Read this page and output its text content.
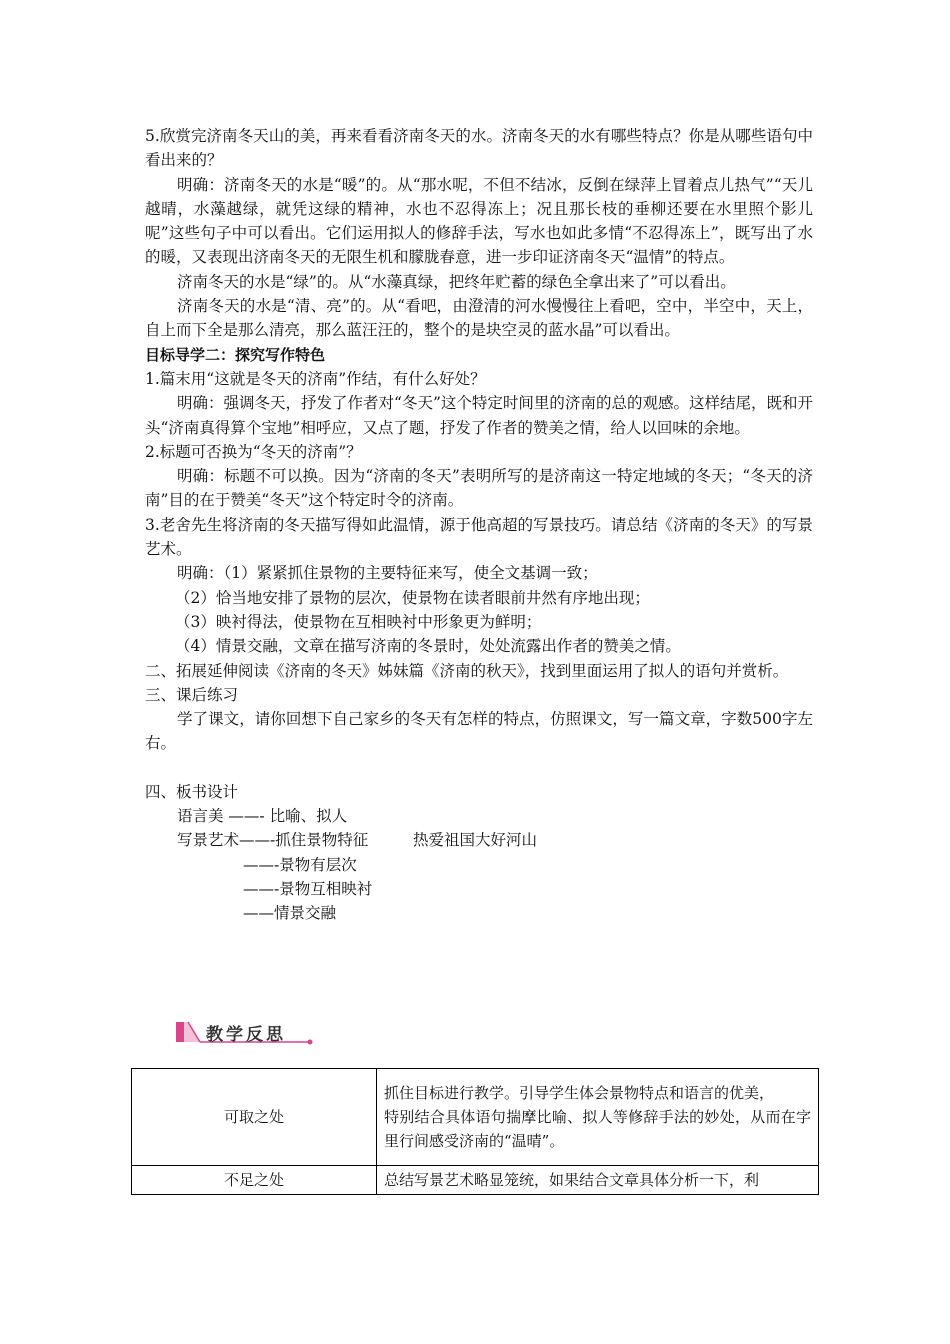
5.欣赏完济南冬天山的美，再来看看济南冬天的水。济南冬天的水有哪些特点？你是从哪些语句中看出来的？

明确：济南冬天的水是“暖”的。从“那水呢，不但不结冰，反倒在绿萍上冒着点儿热气”“天儿越晴，水藻越绿，就凭这绿的精神，水也不忍得冻上；况且那长枝的垂柳还要在水里照个影儿呢”这些句子中可以看出。它们运用拟人的修辞手法，写水也如此多情“不忍得冻上”，既写出了水的暖，又表现出济南冬天的无限生机和朦胧春意，进一步印证济南冬天“温情”的特点。

济南冬天的水是“绿”的。从“水藻真绿，把终年贮蓄的绿色全拿出来了”可以看出。

济南冬天的水是“清、亮”的。从“看吧，由澄清的河水慢慢往上看吧，空中，半空中，天上，自上而下全是那么清亮，那么蓝汪汪的，整个的是块空灵的蓝水晶”可以看出。

目标导学二：探究写作特色

1.篇末用“这就是冬天的济南”作结，有什么好处？

明确：强调冬天，抒发了作者对“冬天”这个特定时间里的济南的总的观感。这样结尾，既和开头“济南真得算个宝地”相呼应，又点了题，抒发了作者的赞美之情，给人以回味的余地。

2.标题可否换为“冬天的济南”？

明确：标题不可以换。因为“济南的冬天”表明所写的是济南这一特定地域的冬天；“冬天的济南”目的在于赞美“冬天”这个特定时令的济南。

3.老舍先生将济南的冬天描写得如此温情，源于他高超的写景技巧。请总结《济南的冬天》的写景艺术。

明确：（1）紧紧抓住景物的主要特征来写，使全文基调一致；

（2）恰当地安排了景物的层次，使景物在读者眼前井然有序地出现；

（3）映衬得法，使景物在互相映衬中形象更为鲜明；

（4）情景交融，文章在描写济南的冬景时，处处流露出作者的赞美之情。

二、拓展延伸阅读《济南的冬天》姊妹篇《济南的秋天》，找到里面运用了拟人的语句并赏析。

三、课后练习

学了课文，请你回想下自己家乡的冬天有怎样的特点，仿照课文，写一篇文章，字数500字左右。

四、板书设计

语言美 ——- 比喻、拟人

写景艺术——-抓住景物特征	热爱祖国大好河山

——-景物有层次

——-景物互相映衬

——情景交融

教学反思
可取之处	抓住目标进行教学。引导学生体会景物特点和语言的优美，
特别结合具体语句揣摩比喻、拟人等修辞手法的妙处，从而在字里行间感受济南的“温晴”。

不足之处	总结写景艺术略显笼统，如果结合文章具体分析一下，利
